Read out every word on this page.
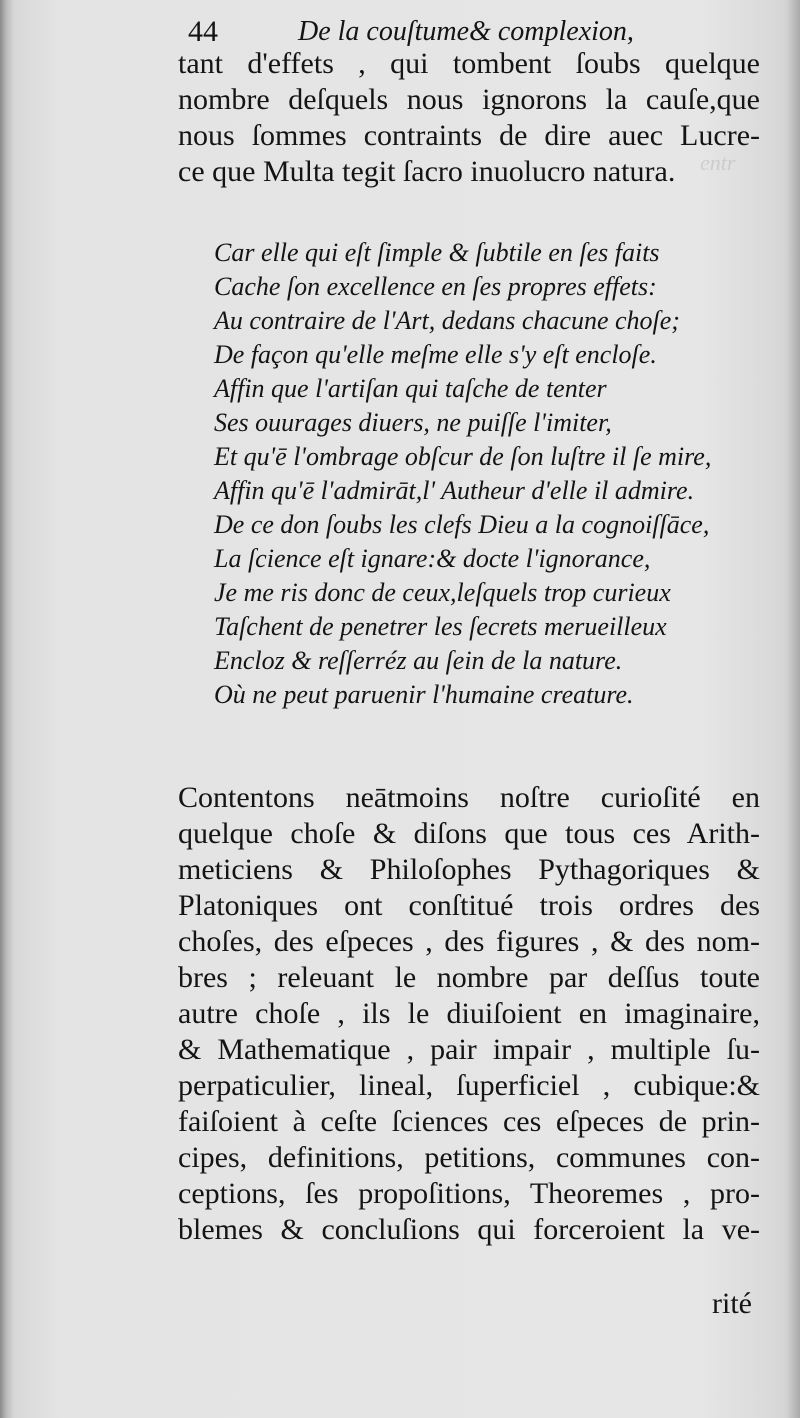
entr

44	De la couſtume& complexion,
tant d'effets , qui tombent ſoubs quelque
nombre deſquels nous ignorons la cauſe,que
nous ſommes contraints de dire auec Lucre-
ce que Multa tegit ſacro inuolucro natura.
Car elle qui eſt ſimple & ſubtile en ſes faits
Cache ſon excellence en ſes propres effets:
Au contraire de l'Art, dedans chacune choſe;
De façon qu'elle meſme elle s'y eſt encloſe.
Affin que l'artiſan qui taſche de tenter
Ses ouurages diuers, ne puiſſe l'imiter,
Et qu'ē l'ombrage obſcur de ſon luſtre il ſe mire,
Affin qu'ē l'admirāt,l' Autheur d'elle il admire.
De ce don ſoubs les clefs Dieu a la cognoiſſāce,
La ſcience eſt ignare:& docte l'ignorance,
Je me ris donc de ceux,leſquels trop curieux
Taſchent de penetrer les ſecrets merueilleux
Encloz & reſſerréz au ſein de la nature.
Où ne peut paruenir l'humaine creature.
Contentons neātmoins noſtre curioſité en
quelque choſe & diſons que tous ces Arith-
meticiens & Philoſophes Pythagoriques &
Platoniques ont conſtitué trois ordres des
choſes, des eſpeces , des figures , & des nom-
bres ; releuant le nombre par deſſus toute
autre choſe , ils le diuiſoient en imaginaire,
& Mathematique , pair impair , multiple ſu-
perpaticulier, lineal, ſuperficiel , cubique:&
faiſoient à ceſte ſciences ces eſpeces de prin-
cipes, definitions, petitions, communes con-
ceptions, ſes propoſitions, Theoremes , pro-
blemes & concluſions qui forceroient la ve-
rité
